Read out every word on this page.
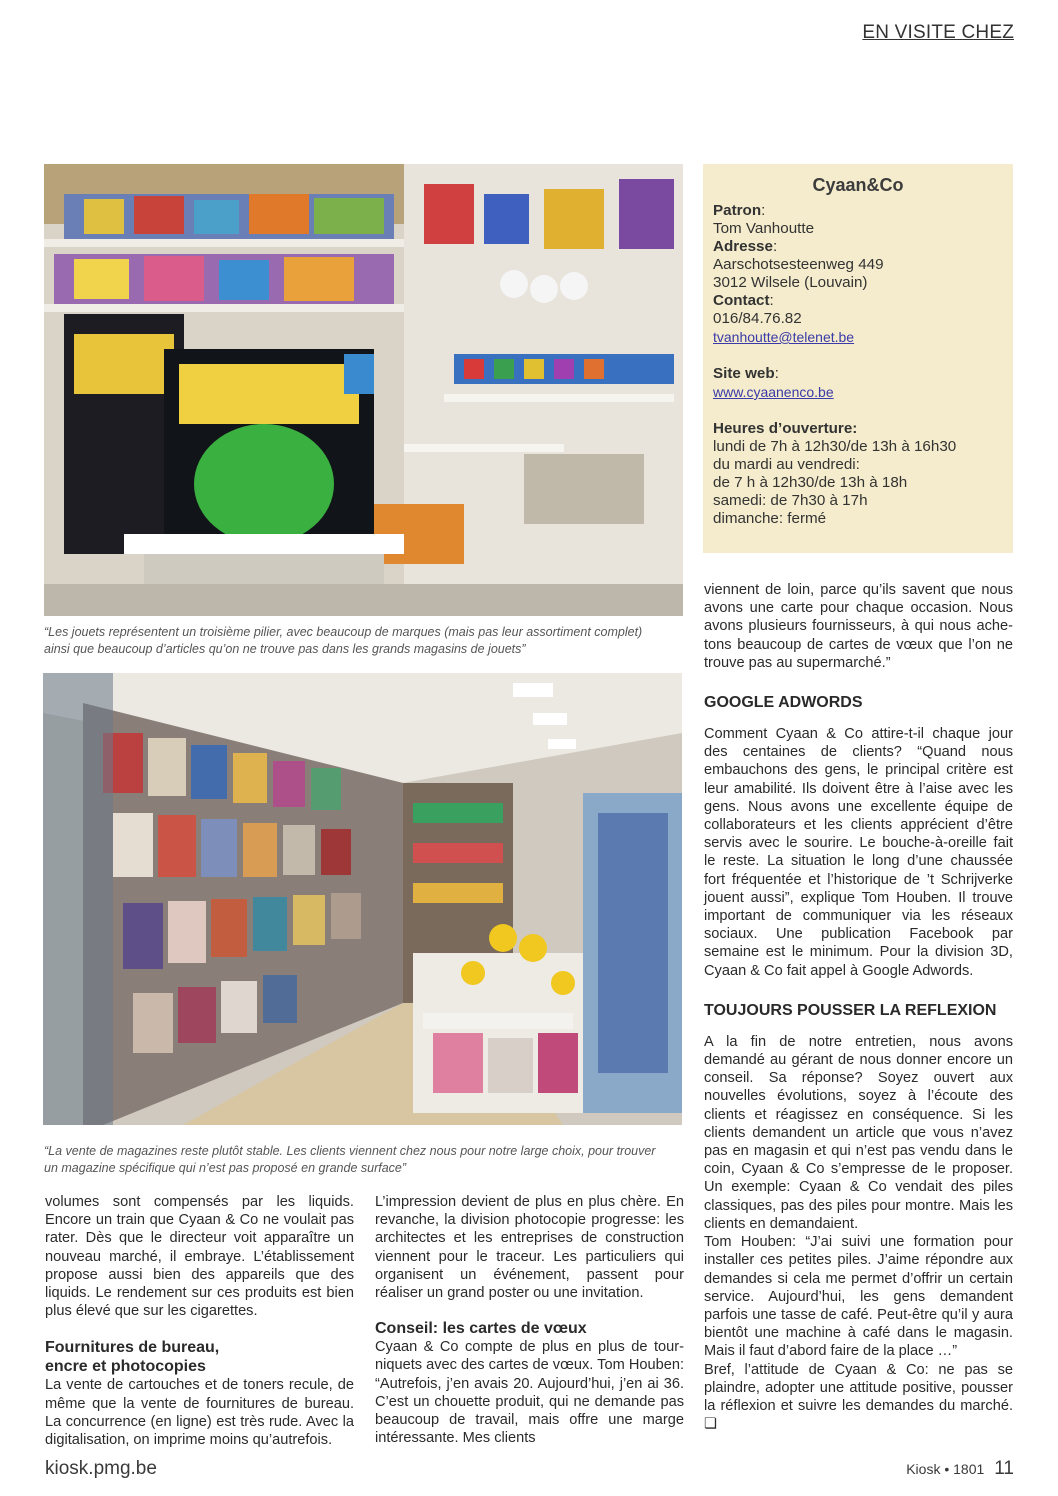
EN VISITE CHEZ
“Les jouets représentent un troisième pilier, avec beaucoup de marques (mais pas leur assortiment complet) ainsi que beaucoup d’articles qu’on ne trouve pas dans les grands magasins de jouets”
“La vente de magazines reste plutôt stable. Les clients viennent chez nous pour notre large choix, pour trouver un magazine spécifique qui n’est pas proposé en grande surface”
Cyaan&Co
Patron:
Tom Vanhoutte
Adresse:
Aarschotsesteenweg 449
3012 Wilsele (Louvain)
Contact:
016/84.76.82
tvanhoutte@telenet.be
Site web:
www.cyaanenco.be
Heures d’ouverture:
lundi de 7h à 12h30/de 13h à 16h30
du mardi au vendredi:
de 7 h à 12h30/de 13h à 18h
samedi: de 7h30 à 17h
dimanche: fermé

viennent de loin, parce qu’ils savent que nous avons une carte pour chaque occasion. Nous avons plusieurs fournisseurs, à qui nous achetons beaucoup de cartes de vœux que l’on ne trouve pas au supermarché.”

GOOGLE ADWORDS

Comment Cyaan & Co attire-t-il chaque jour des centaines de clients? “Quand nous embauchons des gens, le principal critère est leur amabilité. Ils doivent être à l’aise avec les gens. Nous avons une excellente équipe de collaborateurs et les clients apprécient d’être servis avec le sourire. Le bouche-à-oreille fait le reste. La situation le long d’une chaussée fort fréquentée et l’historique de ’t Schrijverke jouent aussi”, explique Tom Houben. Il trouve important de communiquer via les réseaux sociaux. Une publication Facebook par semaine est le minimum. Pour la division 3D, Cyaan & Co fait appel à Google Adwords.

TOUJOURS POUSSER LA REFLEXION

A la fin de notre entretien, nous avons demandé au gérant de nous donner encore un conseil. Sa réponse? Soyez ouvert aux nouvelles évolutions, soyez à l’écoute des clients et réagissez en conséquence. Si les clients demandent un article que vous n’avez pas en magasin et qui n’est pas vendu dans le coin, Cyaan & Co s’empresse de le proposer. Un exemple: Cyaan & Co vendait des piles classiques, pas des piles pour montre. Mais les clients en demandaient.

Tom Houben: “J’ai suivi une formation pour installer ces petites piles. J’aime répondre aux demandes si cela me permet d’offrir un certain service. Aujourd’hui, les gens demandent parfois une tasse de café. Peut-être qu’il y aura bientôt une machine à café dans le magasin. Mais il faut d’abord faire de la place …”

Bref, l’attitude de Cyaan & Co: ne pas se plaindre, adopter une attitude positive, pousser la réflexion et suivre les demandes du marché. ❏

volumes sont compensés par les liquids. Encore un train que Cyaan & Co ne voulait pas rater. Dès que le directeur voit apparaître un nouveau marché, il embraye. L’établissement propose aussi bien des appareils que des liquids. Le rendement sur ces produits est bien plus élevé que sur les cigarettes.

Fournitures de bureau,
encre et photocopies

La vente de cartouches et de toners recule, de même que la vente de fournitures de bureau. La concurrence (en ligne) est très rude. Avec la digitalisation, on imprime moins qu’autrefois.

L’impression devient de plus en plus chère. En revanche, la division photocopie progresse: les architectes et les entreprises de construction viennent pour le traceur. Les particuliers qui organisent un événement, passent pour réaliser un grand poster ou une invitation.

Conseil: les cartes de vœux

Cyaan & Co compte de plus en plus de tourniquets avec des cartes de vœux. Tom Houben: “Autrefois, j’en avais 20. Aujourd’hui, j’en ai 36. C’est un chouette produit, qui ne demande pas beaucoup de travail, mais offre une marge intéressante. Mes clients

kiosk.pmg.be	Kiosk • 1801 11
